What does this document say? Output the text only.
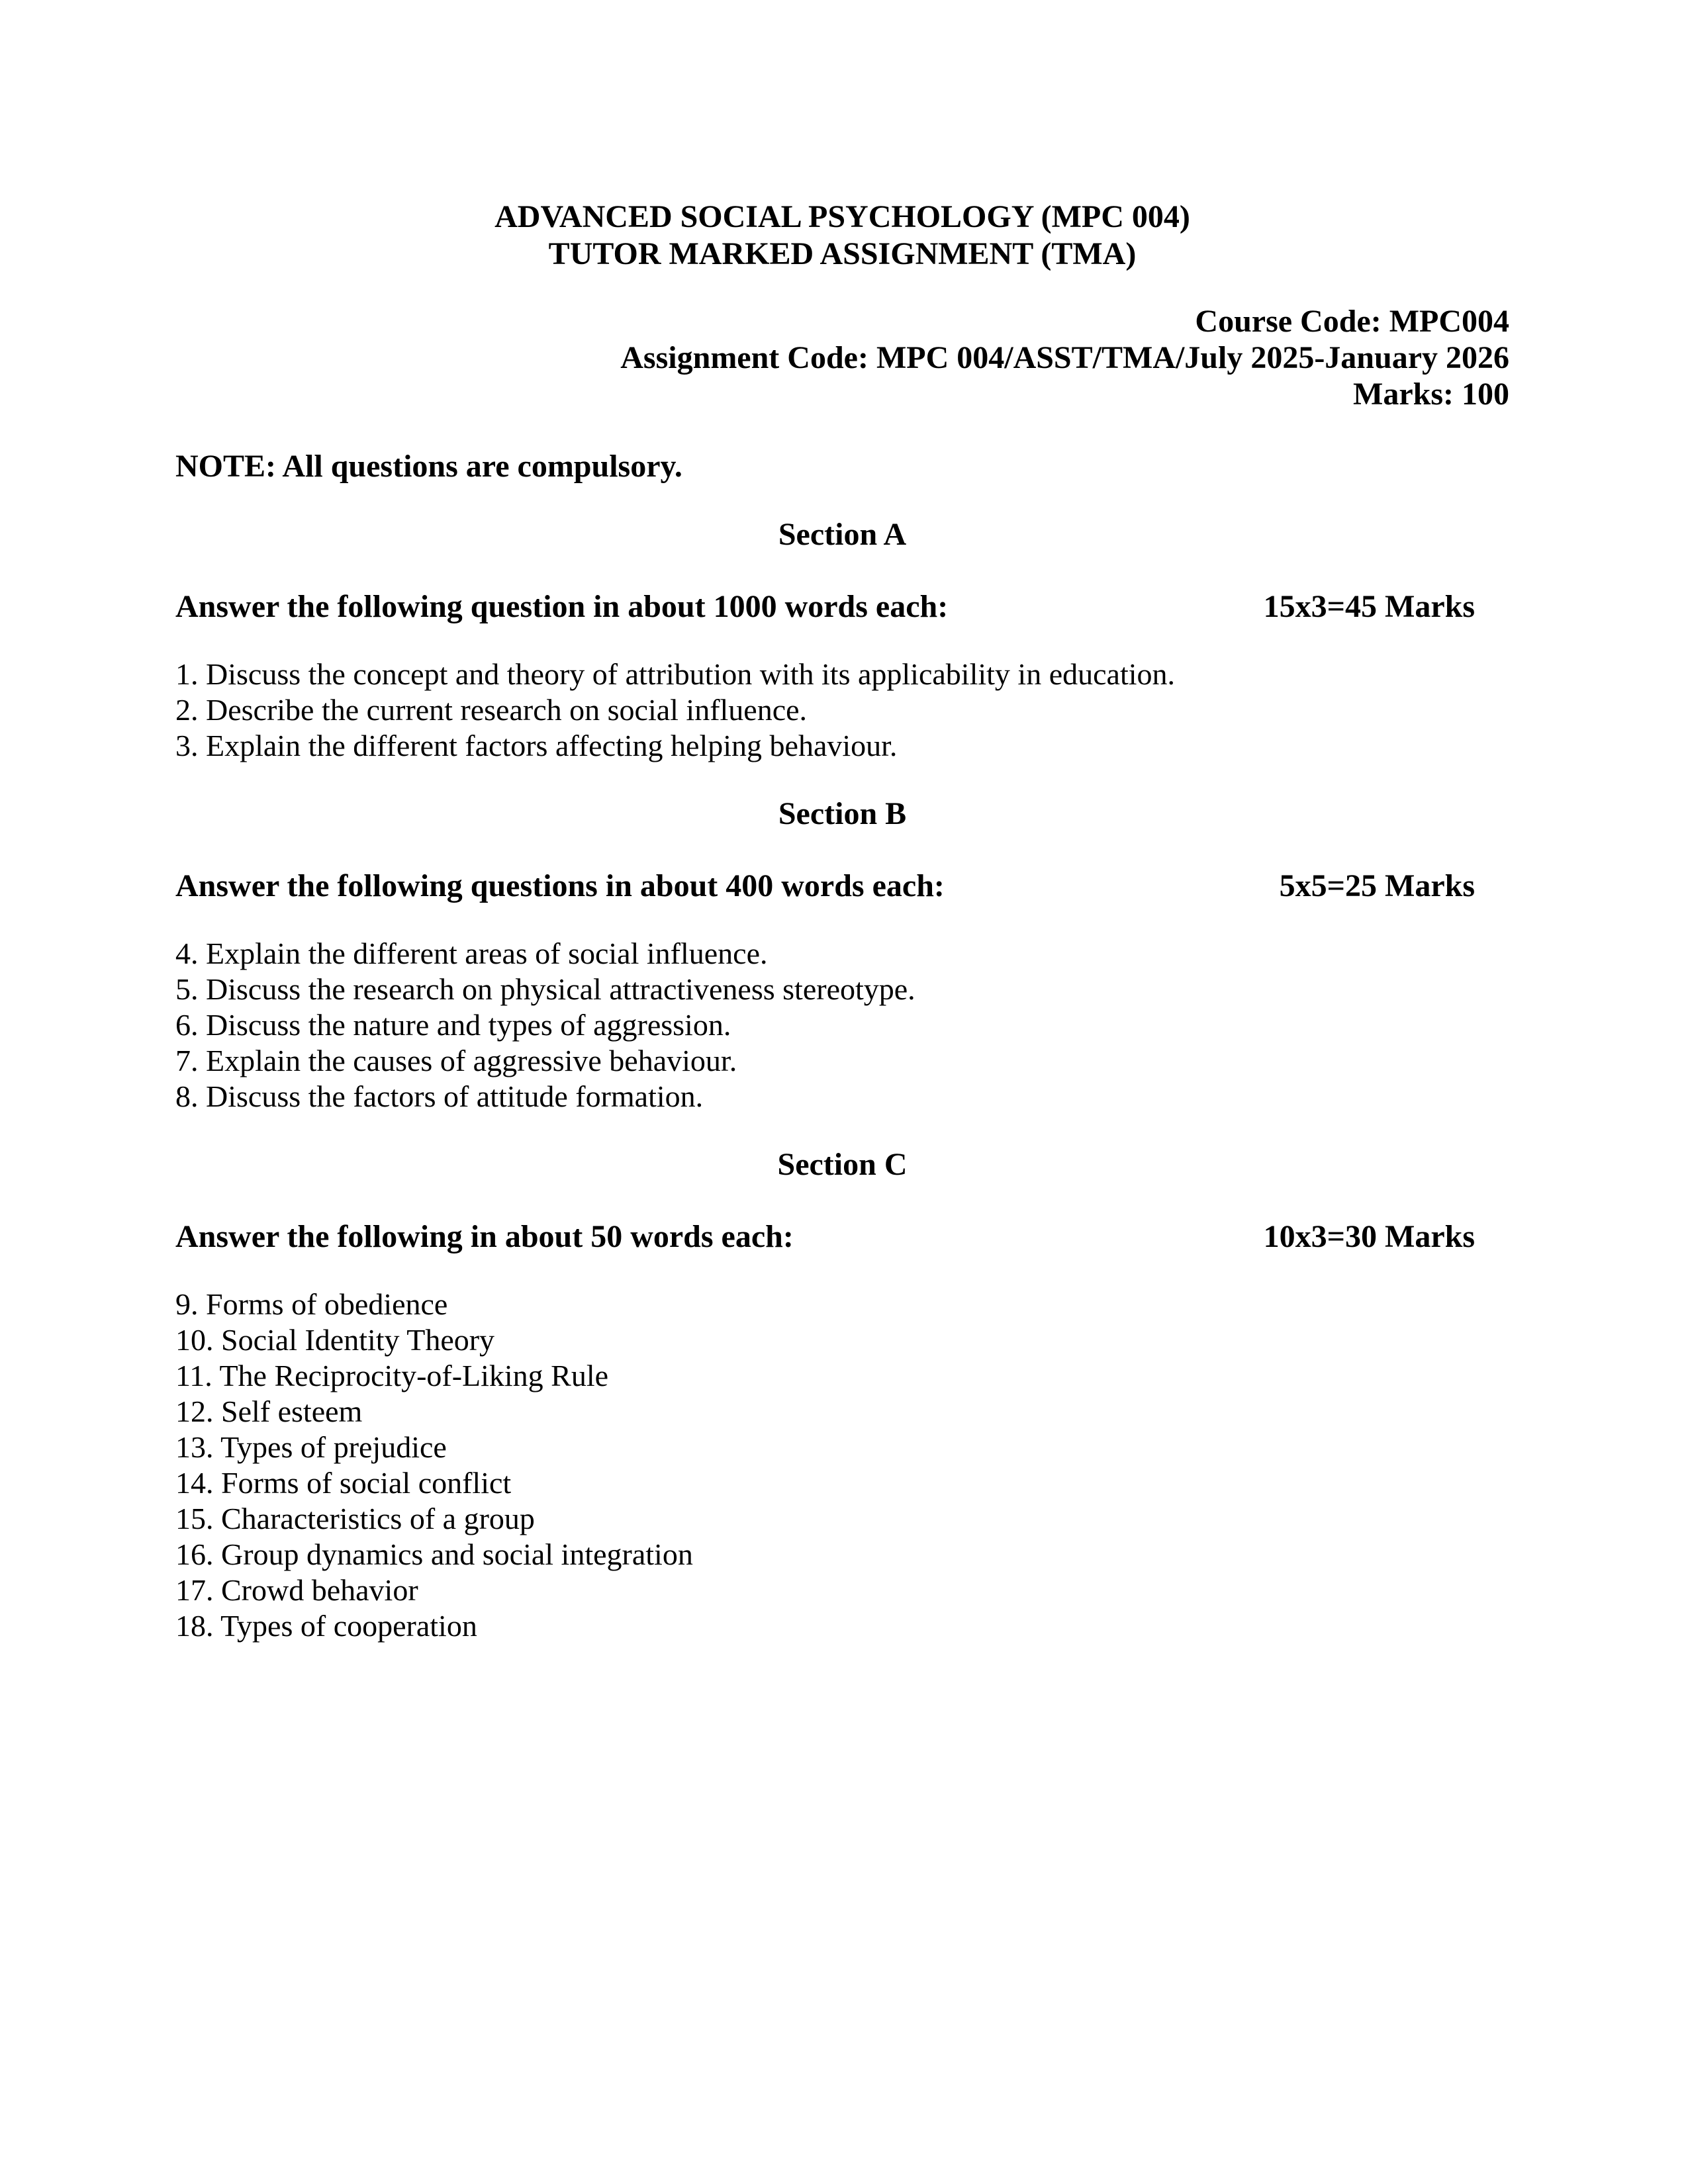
ADVANCED SOCIAL PSYCHOLOGY (MPC 004)
TUTOR MARKED ASSIGNMENT (TMA)
Course Code: MPC004
Assignment Code: MPC 004/ASST/TMA/July 2025-January 2026
Marks: 100
NOTE: All questions are compulsory.
Section A
Answer the following question in about 1000 words each:	15x3=45 Marks
1. Discuss the concept and theory of attribution with its applicability in education.
2. Describe the current research on social influence.
3. Explain the different factors affecting helping behaviour.
Section B
Answer the following questions in about 400 words each:	5x5=25 Marks
4. Explain the different areas of social influence.
5. Discuss the research on physical attractiveness stereotype.
6. Discuss the nature and types of aggression.
7. Explain the causes of aggressive behaviour.
8. Discuss the factors of attitude formation.
Section C
Answer the following in about 50 words each:	10x3=30 Marks
9. Forms of obedience
10. Social Identity Theory
11. The Reciprocity-of-Liking Rule
12. Self esteem
13. Types of prejudice
14. Forms of social conflict
15. Characteristics of a group
16. Group dynamics and social integration
17. Crowd behavior
18. Types of cooperation
